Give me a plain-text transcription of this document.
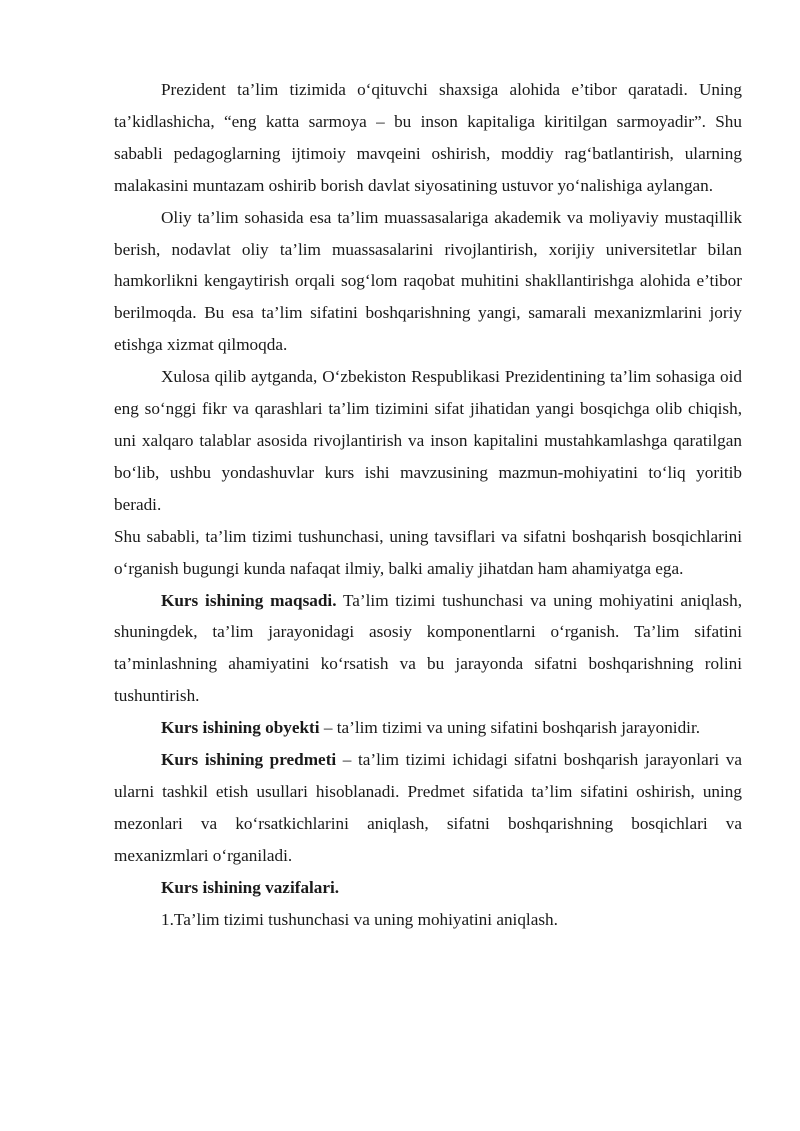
Prezident ta’lim tizimida o‘qituvchi shaxsiga alohida e’tibor qaratadi. Uning ta’kidlashicha, “eng katta sarmoya – bu inson kapitaliga kiritilgan sarmoyadir”. Shu sababli pedagoglarning ijtimoiy mavqeini oshirish, moddiy rag‘batlantirish, ularning malakasini muntazam oshirib borish davlat siyosatining ustuvor yo‘nalishiga aylangan.

Oliy ta’lim sohasida esa ta’lim muassasalariga akademik va moliyaviy mustaqillik berish, nodavlat oliy ta’lim muassasalarini rivojlantirish, xorijiy universitetlar bilan hamkorlikni kengaytirish orqali sog‘lom raqobat muhitini shakllantirishga alohida e’tibor berilmoqda. Bu esa ta’lim sifatini boshqarishning yangi, samarali mexanizmlarini joriy etishga xizmat qilmoqda.

Xulosa qilib aytganda, O‘zbekiston Respublikasi Prezidentining ta’lim sohasiga oid eng so‘nggi fikr va qarashlari ta’lim tizimini sifat jihatidan yangi bosqichga olib chiqish, uni xalqaro talablar asosida rivojlantirish va inson kapitalini mustahkamlashga qaratilgan bo‘lib, ushbu yondashuvlar kurs ishi mavzusining mazmun-mohiyatini to‘liq yoritib beradi.

Shu sababli, ta’lim tizimi tushunchasi, uning tavsiflari va sifatni boshqarish bosqichlarini o‘rganish bugungi kunda nafaqat ilmiy, balki amaliy jihatdan ham ahamiyatga ega.

Kurs ishining maqsadi. Ta’lim tizimi tushunchasi va uning mohiyatini aniqlash, shuningdek, ta’lim jarayonidagi asosiy komponentlarni o‘rganish. Ta’lim sifatini ta’minlashning ahamiyatini ko‘rsatish va bu jarayonda sifatni boshqarishning rolini tushuntirish.

Kurs ishining obyekti – ta’lim tizimi va uning sifatini boshqarish jarayonidir.

Kurs ishining predmeti – ta’lim tizimi ichidagi sifatni boshqarish jarayonlari va ularni tashkil etish usullari hisoblanadi. Predmet sifatida ta’lim sifatini oshirish, uning mezonlari va ko‘rsatkichlarini aniqlash, sifatni boshqarishning bosqichlari va mexanizmlari o‘rganiladi.

Kurs ishining vazifalari.

1.Ta’lim tizimi tushunchasi va uning mohiyatini aniqlash.
